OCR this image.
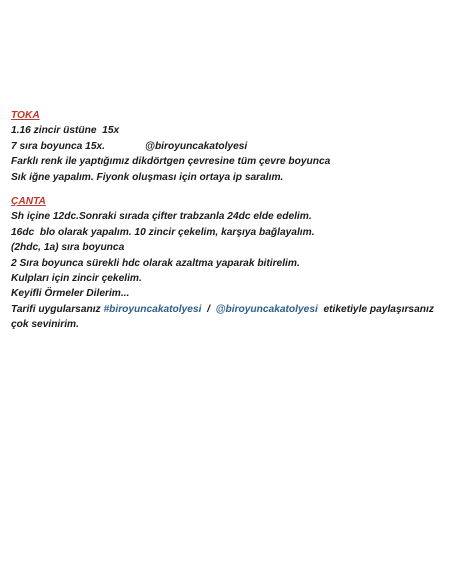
TOKA
1.16 zincir üstüne  15x
7 sıra boyunca 15x.	@biroyuncakatolyesi
Farklı renk ile yaptığımız dikdörtgen çevresine tüm çevre boyunca
Sık iğne yapalım. Fiyonk oluşması için ortaya ip saralım.
ÇANTA
Sh içine 12dc.Sonraki sırada çifter trabzanla 24dc elde edelim.
16dc  blo olarak yapalım. 10 zincir çekelim, karşıya bağlayalım.
(2hdc, 1a) sıra boyunca
2 Sıra boyunca sürekli hdc olarak azaltma yaparak bitirelim.
Kulpları için zincir çekelim.
Keyifli Örmeler Dilerim...
Tarifi uygularsanız #biroyuncakatolyesi  /  @biroyuncakatolyesi  etiketiyle paylaşırsanız
çok sevinirim.
